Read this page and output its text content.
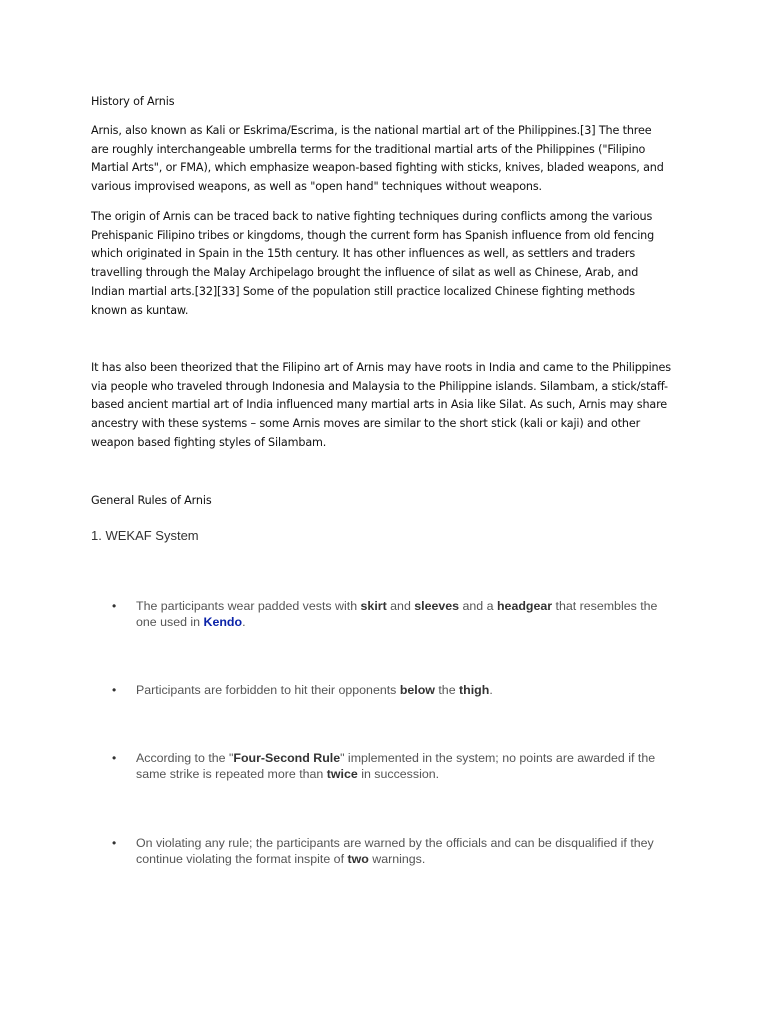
History of Arnis

Arnis, also known as Kali or Eskrima/Escrima, is the national martial art of the Philippines.[3] The three are roughly interchangeable umbrella terms for the traditional martial arts of the Philippines ("Filipino Martial Arts", or FMA), which emphasize weapon-based fighting with sticks, knives, bladed weapons, and various improvised weapons, as well as "open hand" techniques without weapons.

The origin of Arnis can be traced back to native fighting techniques during conflicts among the various Prehispanic Filipino tribes or kingdoms, though the current form has Spanish influence from old fencing which originated in Spain in the 15th century. It has other influences as well, as settlers and traders travelling through the Malay Archipelago brought the influence of silat as well as Chinese, Arab, and Indian martial arts.[32][33] Some of the population still practice localized Chinese fighting methods known as kuntaw.

It has also been theorized that the Filipino art of Arnis may have roots in India and came to the Philippines via people who traveled through Indonesia and Malaysia to the Philippine islands. Silambam, a stick/staff-based ancient martial art of India influenced many martial arts in Asia like Silat. As such, Arnis may share ancestry with these systems – some Arnis moves are similar to the short stick (kali or kaji) and other weapon based fighting styles of Silambam.

General Rules of Arnis
1. WEKAF System
• The participants wear padded vests with skirt and sleeves and a headgear that resembles the one used in Kendo.
• Participants are forbidden to hit their opponents below the thigh.
• According to the "Four-Second Rule" implemented in the system; no points are awarded if the same strike is repeated more than twice in succession.
• On violating any rule; the participants are warned by the officials and can be disqualified if they continue violating the format inspite of two warnings.
